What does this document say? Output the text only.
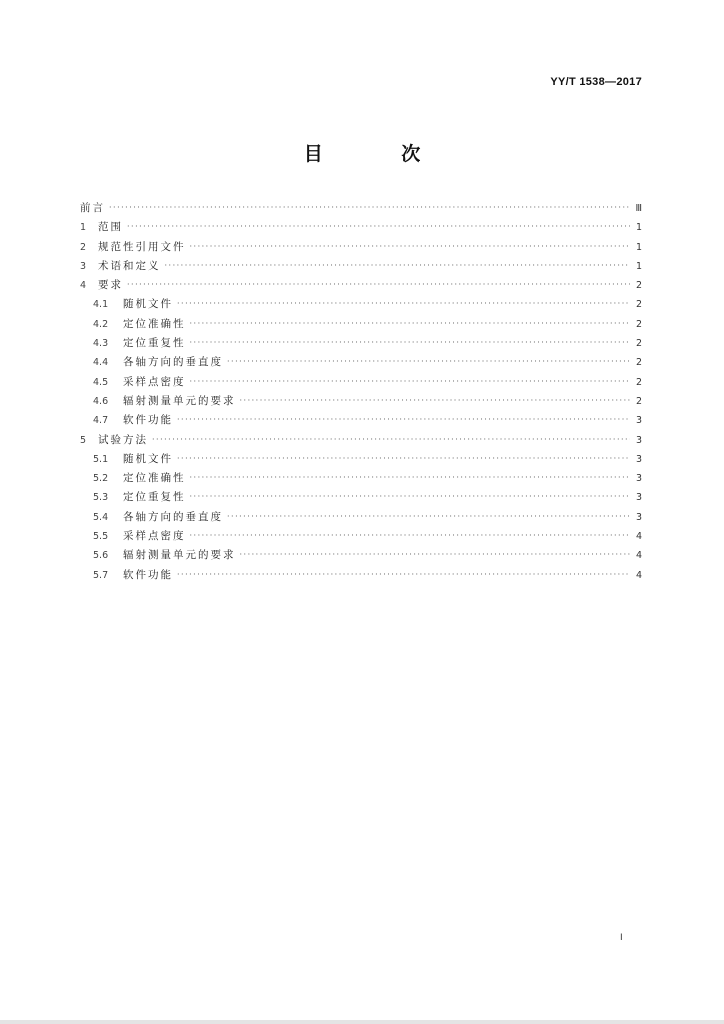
YY/T 1538—2017
目 次
前言 ·····	Ⅲ
1	范围 ·····	1
2	规范性引用文件 ·····	1
3	术语和定义 ·····	1
4	要求 ·····	2
4.1	随机文件 ·····	2
4.2	定位准确性 ·····	2
4.3	定位重复性 ·····	2
4.4	各轴方向的垂直度 ·····	2
4.5	采样点密度 ·····	2
4.6	辐射测量单元的要求 ·····	2
4.7	软件功能 ·····	3
5	试验方法 ·····	3
5.1	随机文件 ·····	3
5.2	定位准确性 ·····	3
5.3	定位重复性 ·····	3
5.4	各轴方向的垂直度 ·····	3
5.5	采样点密度 ·····	4
5.6	辐射测量单元的要求 ·····	4
5.7	软件功能 ·····	4
Ⅰ
